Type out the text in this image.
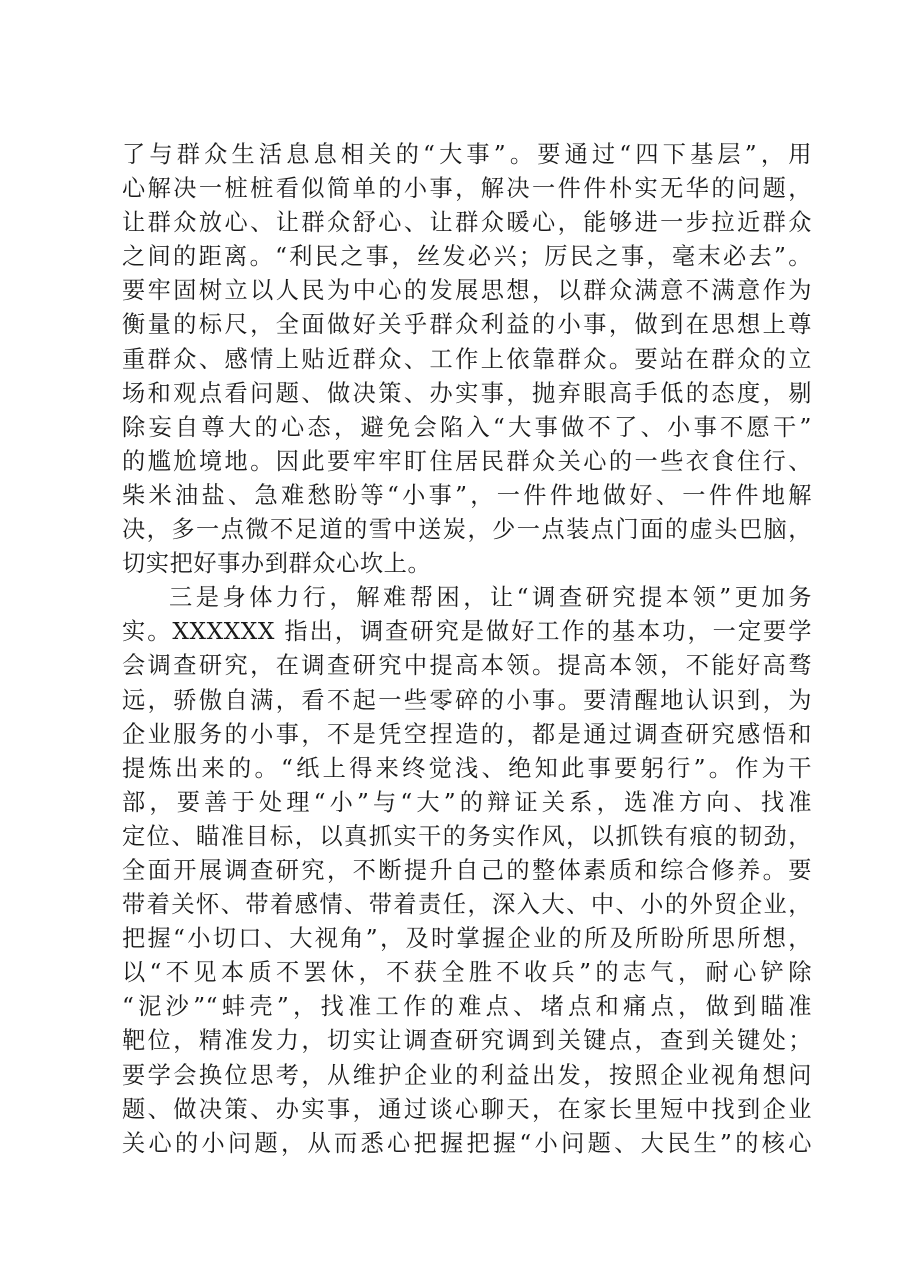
了与群众生活息息相关的“大事”。要通过“四下基层”，用
心解决一桩桩看似简单的小事，解决一件件朴实无华的问题，
让群众放心、让群众舒心、让群众暖心，能够进一步拉近群众
之间的距离。“利民之事，丝发必兴；厉民之事，毫末必去”。
要牢固树立以人民为中心的发展思想，以群众满意不满意作为
衡量的标尺，全面做好关乎群众利益的小事，做到在思想上尊
重群众、感情上贴近群众、工作上依靠群众。要站在群众的立
场和观点看问题、做决策、办实事，抛弃眼高手低的态度，剔
除妄自尊大的心态，避免会陷入“大事做不了、小事不愿干”
的尴尬境地。因此要牢牢盯住居民群众关心的一些衣食住行、
柴米油盐、急难愁盼等“小事”，一件件地做好、一件件地解
决，多一点微不足道的雪中送炭，少一点装点门面的虚头巴脑，
切实把好事办到群众心坎上。
三是身体力行，解难帮困，让“调查研究提本领”更加务
实。XXXXXX 指出，调查研究是做好工作的基本功，一定要学
会调查研究，在调查研究中提高本领。提高本领，不能好高骛
远，骄傲自满，看不起一些零碎的小事。要清醒地认识到，为
企业服务的小事，不是凭空捏造的，都是通过调查研究感悟和
提炼出来的。“纸上得来终觉浅、绝知此事要躬行”。作为干
部，要善于处理“小”与“大”的辩证关系，选准方向、找准
定位、瞄准目标，以真抓实干的务实作风，以抓铁有痕的韧劲，
全面开展调查研究，不断提升自己的整体素质和综合修养。要
带着关怀、带着感情、带着责任，深入大、中、小的外贸企业，
把握“小切口、大视角”，及时掌握企业的所及所盼所思所想，
以“不见本质不罢休，不获全胜不收兵”的志气，耐心铲除
“泥沙”“蚌壳”，找准工作的难点、堵点和痛点，做到瞄准
靶位，精准发力，切实让调查研究调到关键点，查到关键处；
要学会换位思考，从维护企业的利益出发，按照企业视角想问
题、做决策、办实事，通过谈心聊天，在家长里短中找到企业
关心的小问题，从而悉心把握把握“小问题、大民生”的核心
